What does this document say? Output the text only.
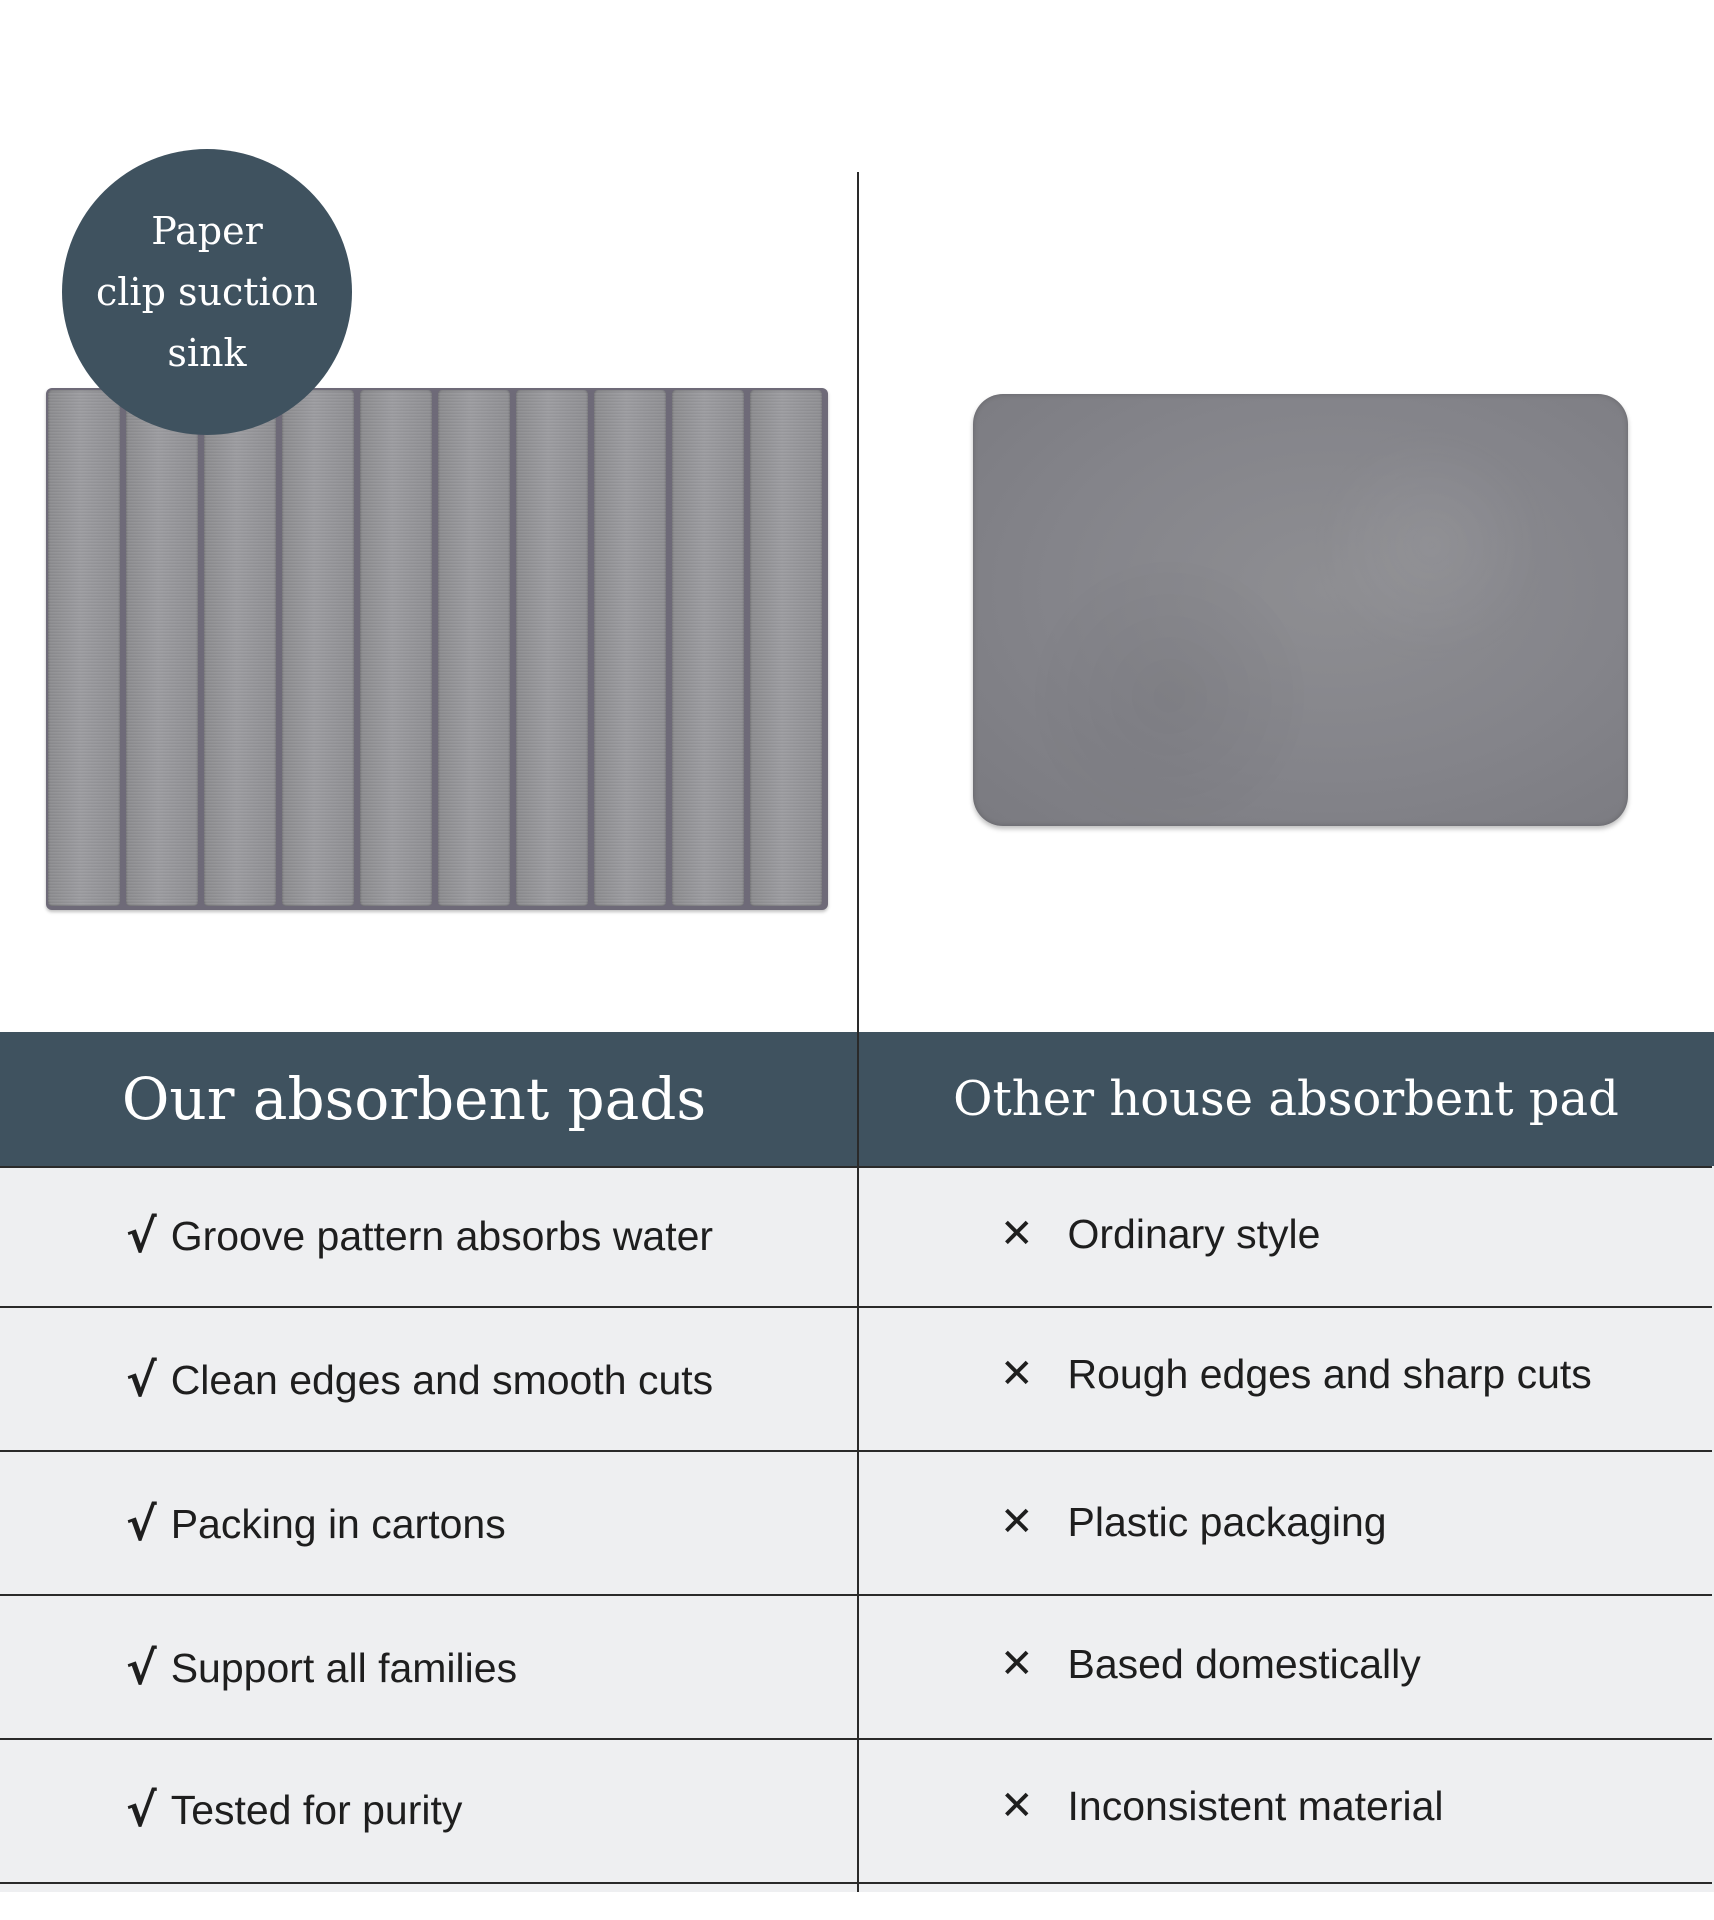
Paper
clip suction
sink
Our absorbent pads	Other house absorbent pad
√ Groove pattern absorbs water	✕ Ordinary style
√ Clean edges and smooth cuts	✕ Rough edges and sharp cuts
√ Packing in cartons	✕ Plastic packaging
√ Support all families	✕ Based domestically
√ Tested for purity	✕ Inconsistent material
